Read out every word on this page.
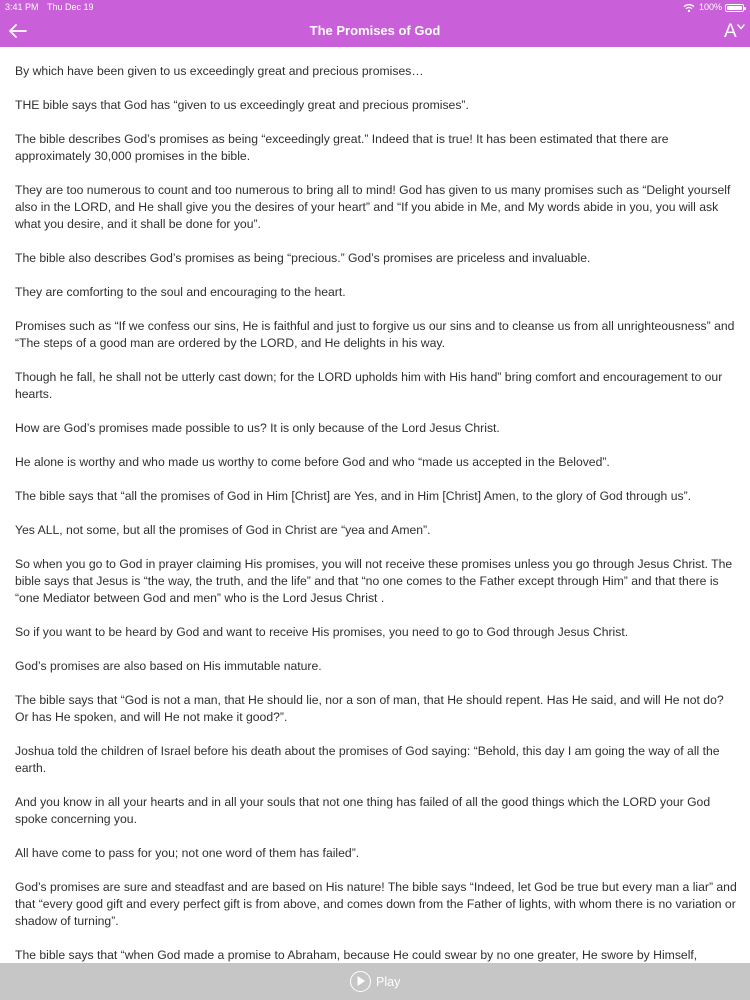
3:41 PM Thu Dec 19	100%
The Promises of God	A

By which have been given to us exceedingly great and precious promises…

THE bible says that God has “given to us exceedingly great and precious promises”.

The bible describes God’s promises as being “exceedingly great.” Indeed that is true! It has been estimated that there are approximately 30,000 promises in the bible.

They are too numerous to count and too numerous to bring all to mind! God has given to us many promises such as “Delight yourself also in the LORD, and He shall give you the desires of your heart” and “If you abide in Me, and My words abide in you, you will ask what you desire, and it shall be done for you”.

The bible also describes God’s promises as being “precious.” God’s promises are priceless and invaluable.

They are comforting to the soul and encouraging to the heart.

Promises such as “If we confess our sins, He is faithful and just to forgive us our sins and to cleanse us from all unrighteousness” and “The steps of a good man are ordered by the LORD, and He delights in his way.

Though he fall, he shall not be utterly cast down; for the LORD upholds him with His hand” bring comfort and encouragement to our hearts.

How are God’s promises made possible to us? It is only because of the Lord Jesus Christ.

He alone is worthy and who made us worthy to come before God and who “made us accepted in the Beloved”.

The bible says that “all the promises of God in Him [Christ] are Yes, and in Him [Christ] Amen, to the glory of God through us”.

Yes ALL, not some, but all the promises of God in Christ are “yea and Amen”.

So when you go to God in prayer claiming His promises, you will not receive these promises unless you go through Jesus Christ. The bible says that Jesus is “the way, the truth, and the life” and that “no one comes to the Father except through Him” and that there is “one Mediator between God and men” who is the Lord Jesus Christ .

So if you want to be heard by God and want to receive His promises, you need to go to God through Jesus Christ.

God’s promises are also based on His immutable nature.

The bible says that “God is not a man, that He should lie, nor a son of man, that He should repent. Has He said, and will He not do? Or has He spoken, and will He not make it good?”.

Joshua told the children of Israel before his death about the promises of God saying: “Behold, this day I am going the way of all the earth.

And you know in all your hearts and in all your souls that not one thing has failed of all the good things which the LORD your God spoke concerning you.

All have come to pass for you; not one word of them has failed”.

God’s promises are sure and steadfast and are based on His nature! The bible says “Indeed, let God be true but every man a liar” and that “every good gift and every perfect gift is from above, and comes down from the Father of lights, with whom there is no variation or shadow of turning”.

The bible says that “when God made a promise to Abraham, because He could swear by no one greater, He swore by Himself,

Play
